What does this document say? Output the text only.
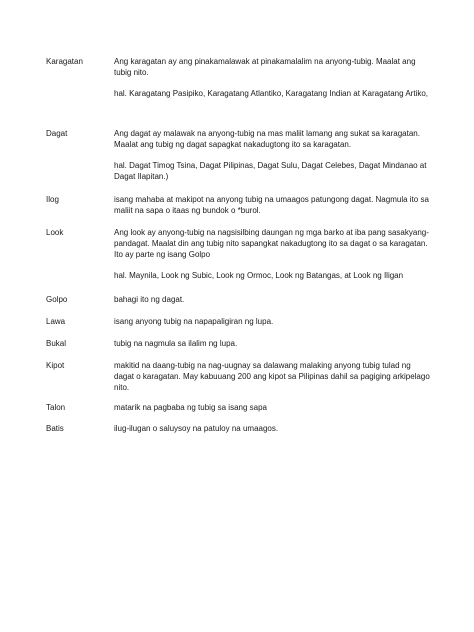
Karagatan	Ang karagatan ay ang pinakamalawak at pinakamalalim na anyong-tubig. Maalat ang tubig nito.

hal. Karagatang Pasipiko, Karagatang Atlantiko, Karagatang Indian at Karagatang Artiko,

Dagat	Ang dagat ay malawak na anyong-tubig na mas maliit lamang ang sukat sa karagatan. Maalat ang tubig ng dagat sapagkat nakadugtong ito sa karagatan.

hal. Dagat Timog Tsina, Dagat Pilipinas, Dagat Sulu, Dagat Celebes, Dagat Mindanao at Dagat Ilapitan.)

Ilog	isang mahaba at makipot na anyong tubig na umaagos patungong dagat. Nagmula ito sa maliit na sapa o itaas ng bundok o *burol.

Look	Ang look ay anyong-tubig na nagsisilbing daungan ng mga barko at iba pang sasakyang-pandagat. Maalat din ang tubig nito sapangkat nakadugtong ito sa dagat o sa karagatan. Ito ay parte ng isang Golpo

hal. Maynila, Look ng Subic, Look ng Ormoc, Look ng Batangas, at Look ng Iligan

Golpo	bahagi ito ng dagat.

Lawa	isang anyong tubig na napapaligiran ng lupa.

Bukal	tubig na nagmula sa ilalim ng lupa.

Kipot	makitid na daang-tubig na nag-uugnay sa dalawang malaking anyong tubig tulad ng dagat o karagatan. May kabuuang 200 ang kipot sa Pilipinas dahil sa pagiging arkipelago nito.

Talon	matarik na pagbaba ng tubig sa isang sapa

Batis	ilug-ilugan o saluysoy na patuloy na umaagos.
